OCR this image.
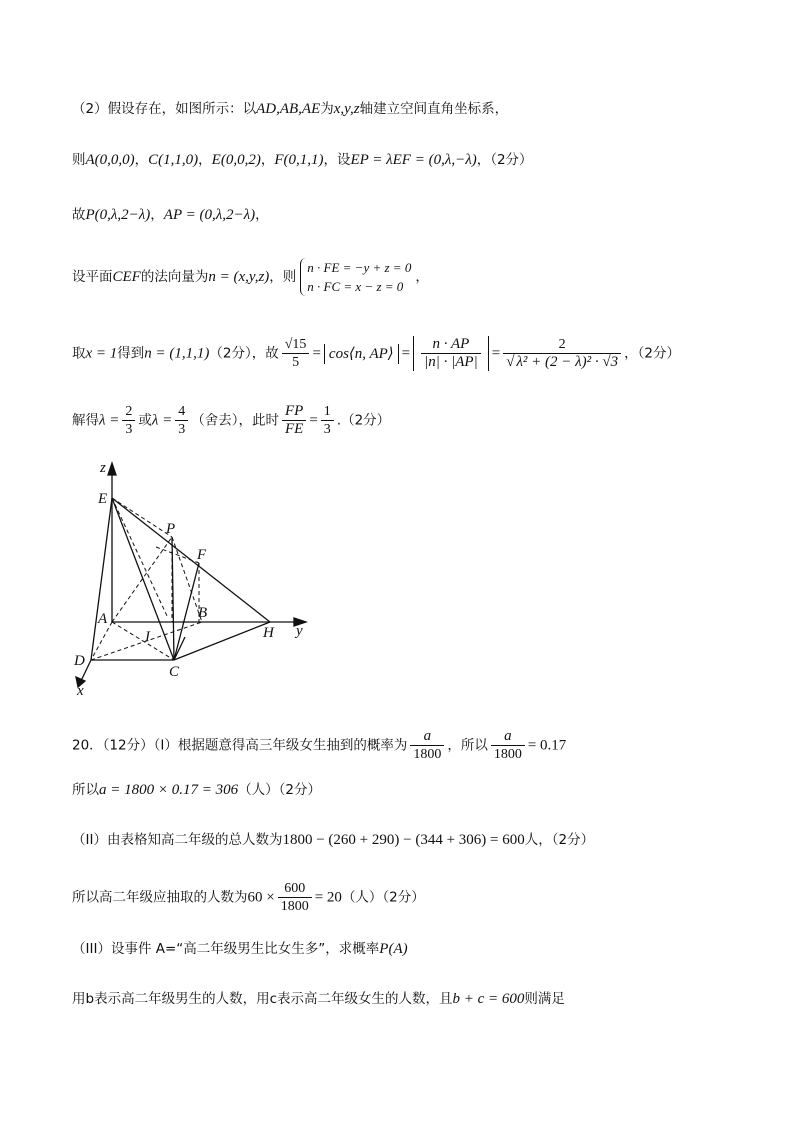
（2）假设存在，如图所示：以AD,AB,AE为x,y,z轴建立空间直角坐标系，
则A(0,0,0)，C(1,1,0)，E(0,0,2)，F(0,1,1)，设EP = λEF = (0,λ,−λ)，（2分）
故P(0,λ,2−λ)，AP = (0,λ,2−λ)，
设平面CEF的法向量为n = (x,y,z)，则
n · FE = −y + z = 0
n · FC = x − z = 0
，
取x = 1得到n = (1,1,1)（2分），故 $\frac{√15}{5}$ = cos⟨n, AP⟩ = $\frac{n \cdot AP}{|n| \cdot |AP|} = \frac{2}{\text{√ λ² + (2 − λ)² · √3}}$ ，（2分）
解得$\lambda = \frac{2}{3}$ 或$\lambda = \frac{4}{3}$ （舍去），此时 $\frac{FP}{FE} = \frac{1}{3} .(2$分）
z
E
P
F
A	B
I	H y
D
C
x
20．（12分）（I）根据题意得高三年级女生抽到的概率为 $\frac{a}{1800}$ ，所以 $\frac{a}{1800} = 0.17$
所以a = 1800 × 0.17 = 306（人）（2分）
（II）由表格知高二年级的总人数为1800 − (260 + 290) − (344 + 306) = 600人，（2分）
所以高二年级应抽取的人数为$60 \times \frac{600}{1800} = 20$（人）（2分）
（III）设事件 A=“高二年级男生比女生多”，求概率P(A)
用b表示高二年级男生的人数，用c表示高二年级女生的人数，且b + c = 600则满足
